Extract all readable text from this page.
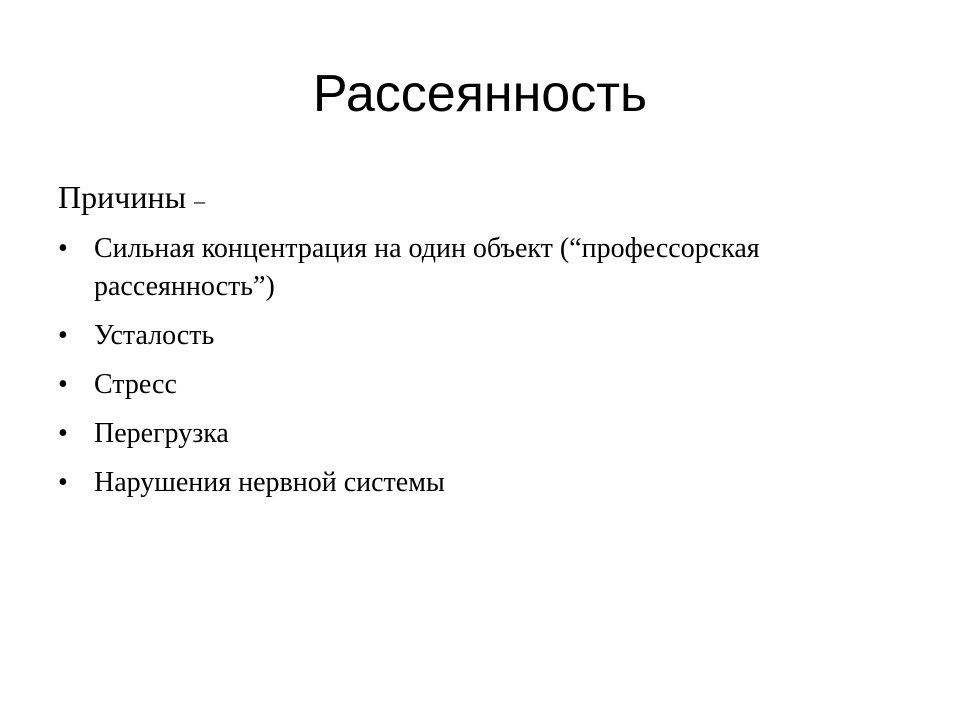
Рассеянность

Причины –

• Сильная концентрация на один объект (“профессорская рассеянность”)
• Усталость
• Стресс
• Перегрузка
• Нарушения нервной системы
